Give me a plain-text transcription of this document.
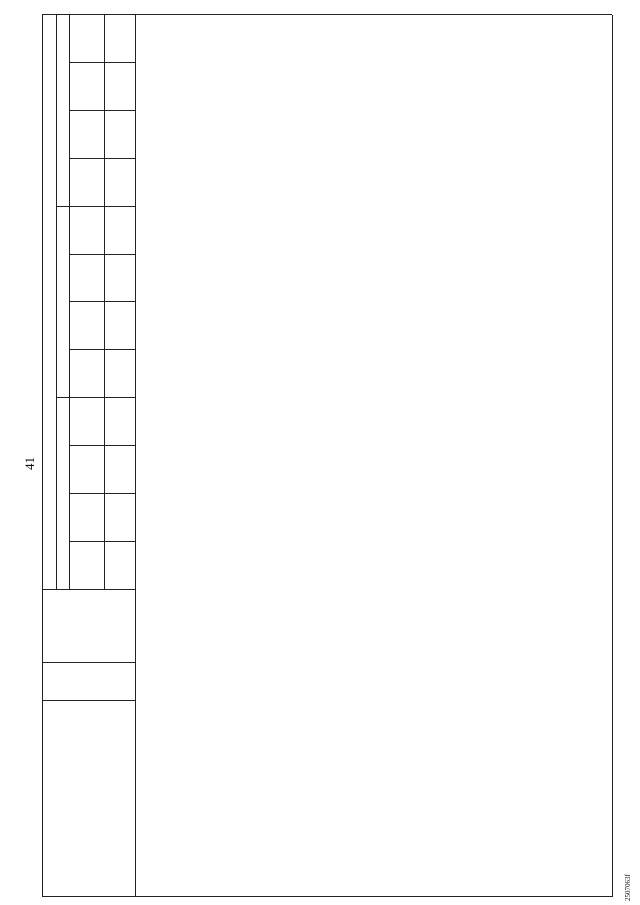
41
2507063f
